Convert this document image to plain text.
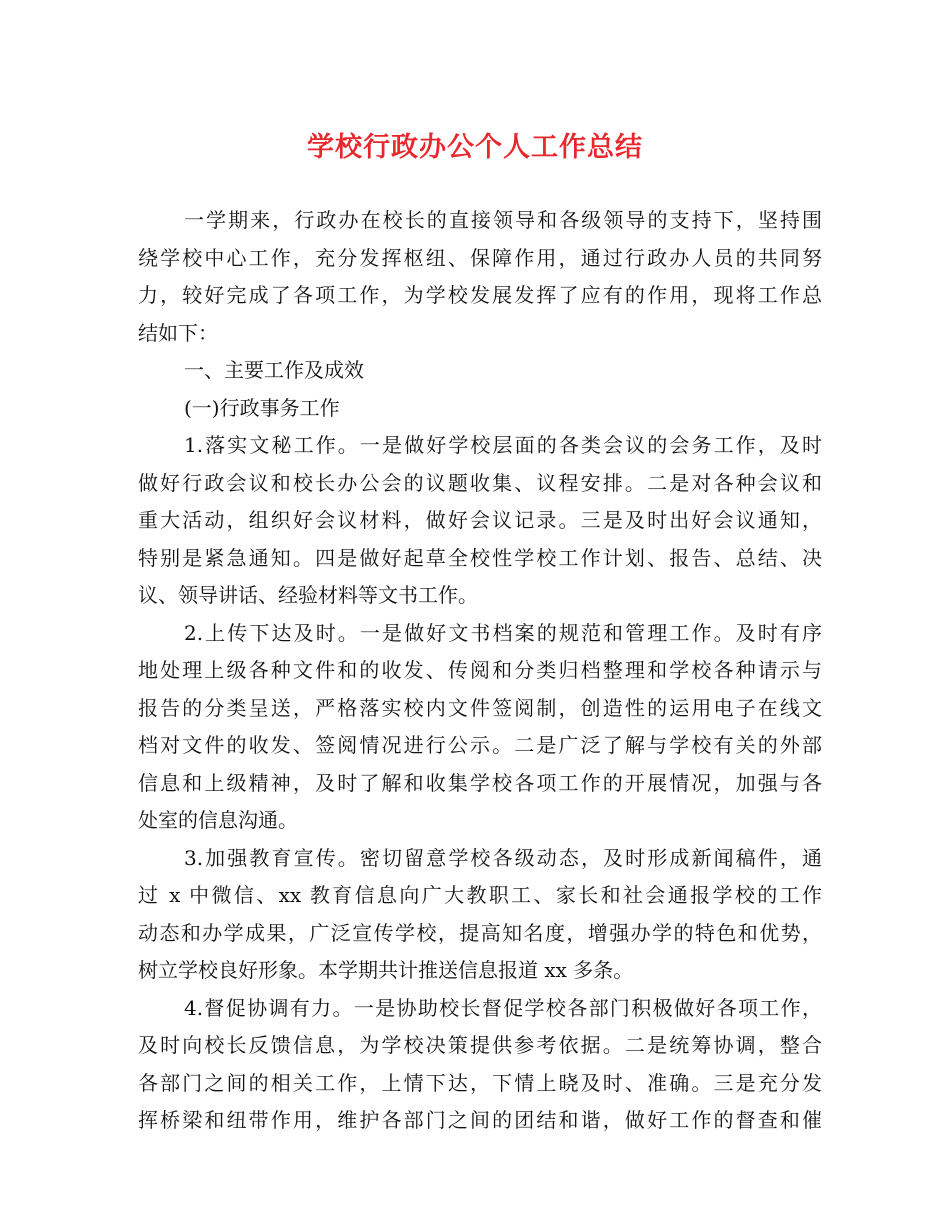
学校行政办公个人工作总结
一学期来，行政办在校长的直接领导和各级领导的支持下，坚持围
绕学校中心工作，充分发挥枢纽、保障作用，通过行政办人员的共同努
力，较好完成了各项工作，为学校发展发挥了应有的作用，现将工作总
结如下：
一、主要工作及成效
(一)行政事务工作
1.落实文秘工作。一是做好学校层面的各类会议的会务工作，及时
做好行政会议和校长办公会的议题收集、议程安排。二是对各种会议和
重大活动，组织好会议材料，做好会议记录。三是及时出好会议通知，
特别是紧急通知。四是做好起草全校性学校工作计划、报告、总结、决
议、领导讲话、经验材料等文书工作。
2.上传下达及时。一是做好文书档案的规范和管理工作。及时有序
地处理上级各种文件和的收发、传阅和分类归档整理和学校各种请示与
报告的分类呈送，严格落实校内文件签阅制，创造性的运用电子在线文
档对文件的收发、签阅情况进行公示。二是广泛了解与学校有关的外部
信息和上级精神，及时了解和收集学校各项工作的开展情况，加强与各
处室的信息沟通。
3.加强教育宣传。密切留意学校各级动态，及时形成新闻稿件，通
过 x 中微信、xx 教育信息向广大教职工、家长和社会通报学校的工作
动态和办学成果，广泛宣传学校，提高知名度，增强办学的特色和优势，
树立学校良好形象。本学期共计推送信息报道 xx 多条。
4.督促协调有力。一是协助校长督促学校各部门积极做好各项工作，
及时向校长反馈信息，为学校决策提供参考依据。二是统筹协调，整合
各部门之间的相关工作，上情下达，下情上晓及时、准确。三是充分发
挥桥梁和纽带作用，维护各部门之间的团结和谐，做好工作的督查和催
